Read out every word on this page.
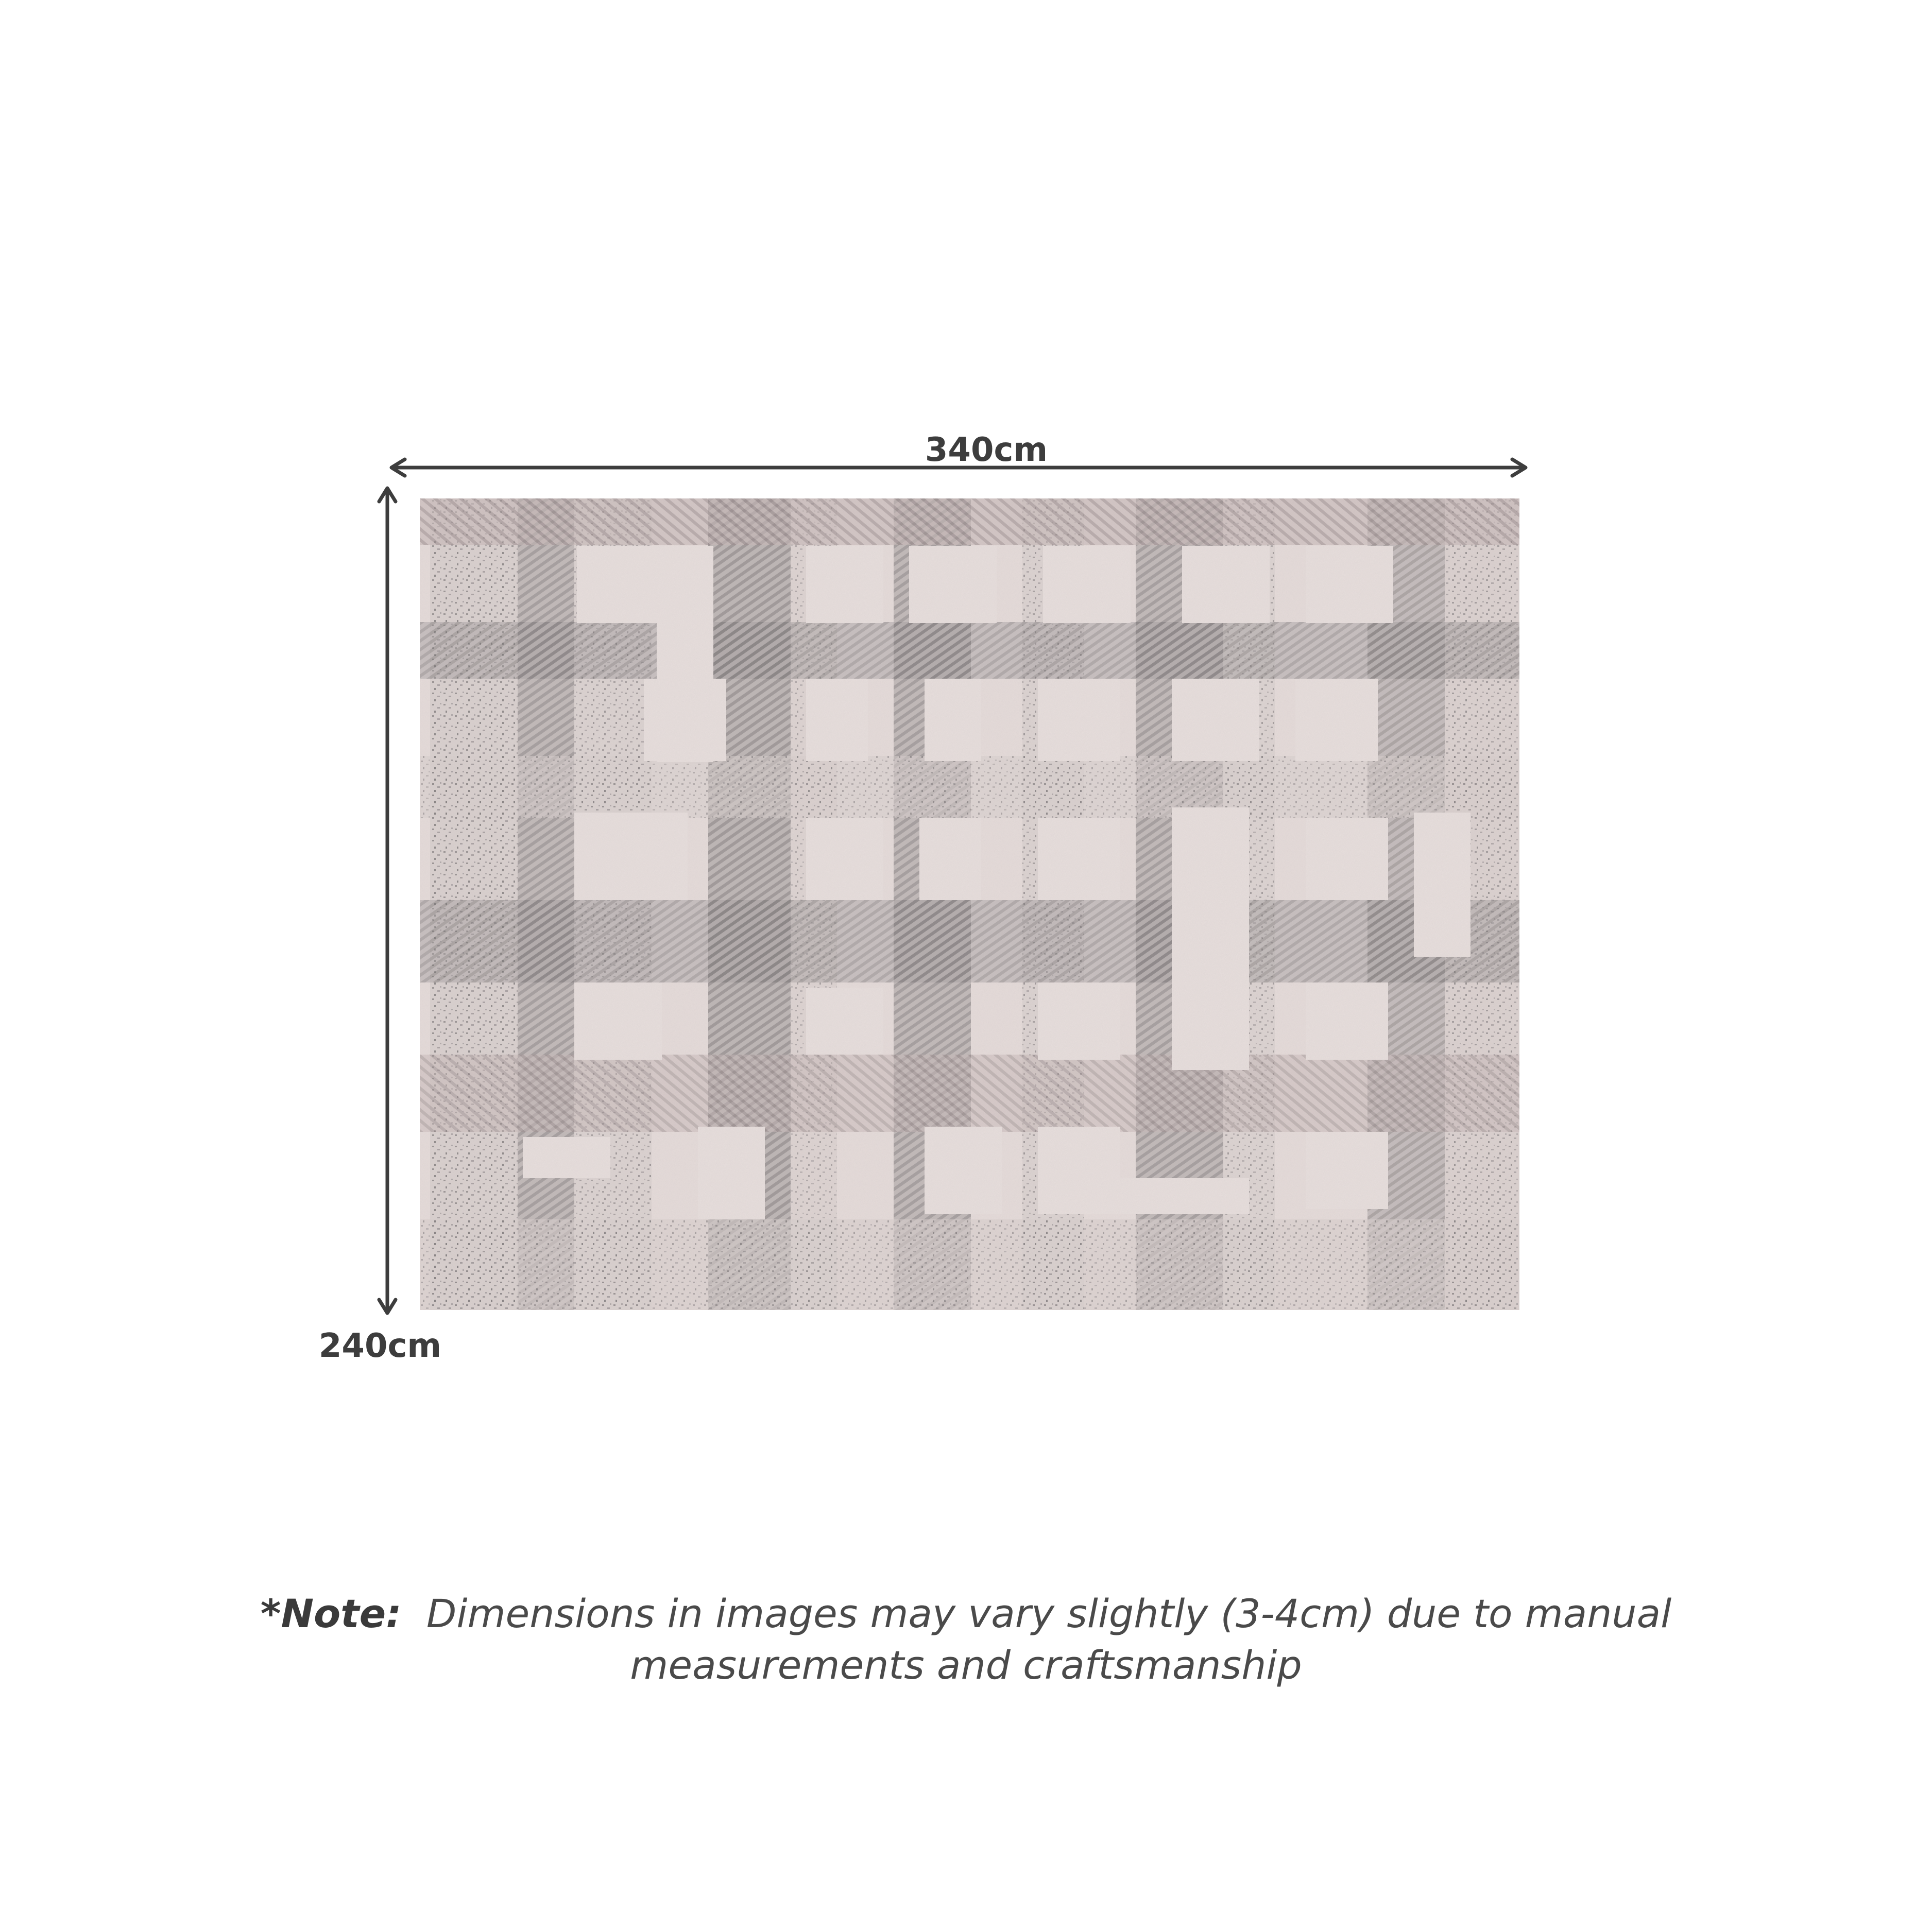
340cm
240cm
*Note: Dimensions in images may vary slightly (3-4cm) due to manual
measurements and craftsmanship
